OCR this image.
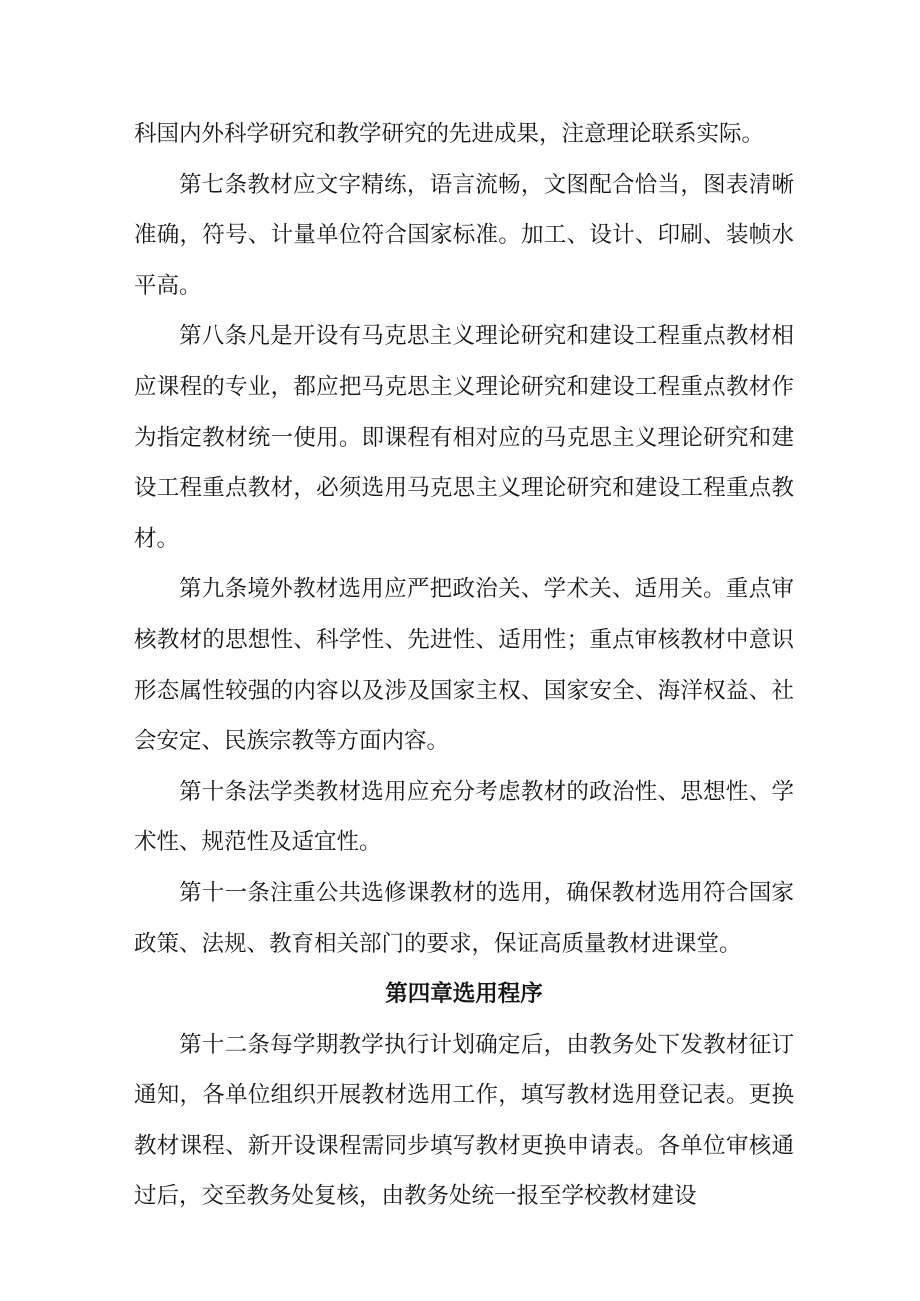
科国内外科学研究和教学研究的先进成果，注意理论联系实际。

第七条教材应文字精练，语言流畅，文图配合恰当，图表清晰准确，符号、计量单位符合国家标准。加工、设计、印刷、装帧水平高。

第八条凡是开设有马克思主义理论研究和建设工程重点教材相应课程的专业，都应把马克思主义理论研究和建设工程重点教材作为指定教材统一使用。即课程有相对应的马克思主义理论研究和建设工程重点教材，必须选用马克思主义理论研究和建设工程重点教材。

第九条境外教材选用应严把政治关、学术关、适用关。重点审核教材的思想性、科学性、先进性、适用性；重点审核教材中意识形态属性较强的内容以及涉及国家主权、国家安全、海洋权益、社会安定、民族宗教等方面内容。

第十条法学类教材选用应充分考虑教材的政治性、思想性、学术性、规范性及适宜性。

第十一条注重公共选修课教材的选用，确保教材选用符合国家政策、法规、教育相关部门的要求，保证高质量教材进课堂。

第四章选用程序

第十二条每学期教学执行计划确定后，由教务处下发教材征订通知，各单位组织开展教材选用工作，填写教材选用登记表。更换教材课程、新开设课程需同步填写教材更换申请表。各单位审核通过后，交至教务处复核，由教务处统一报至学校教材建设
